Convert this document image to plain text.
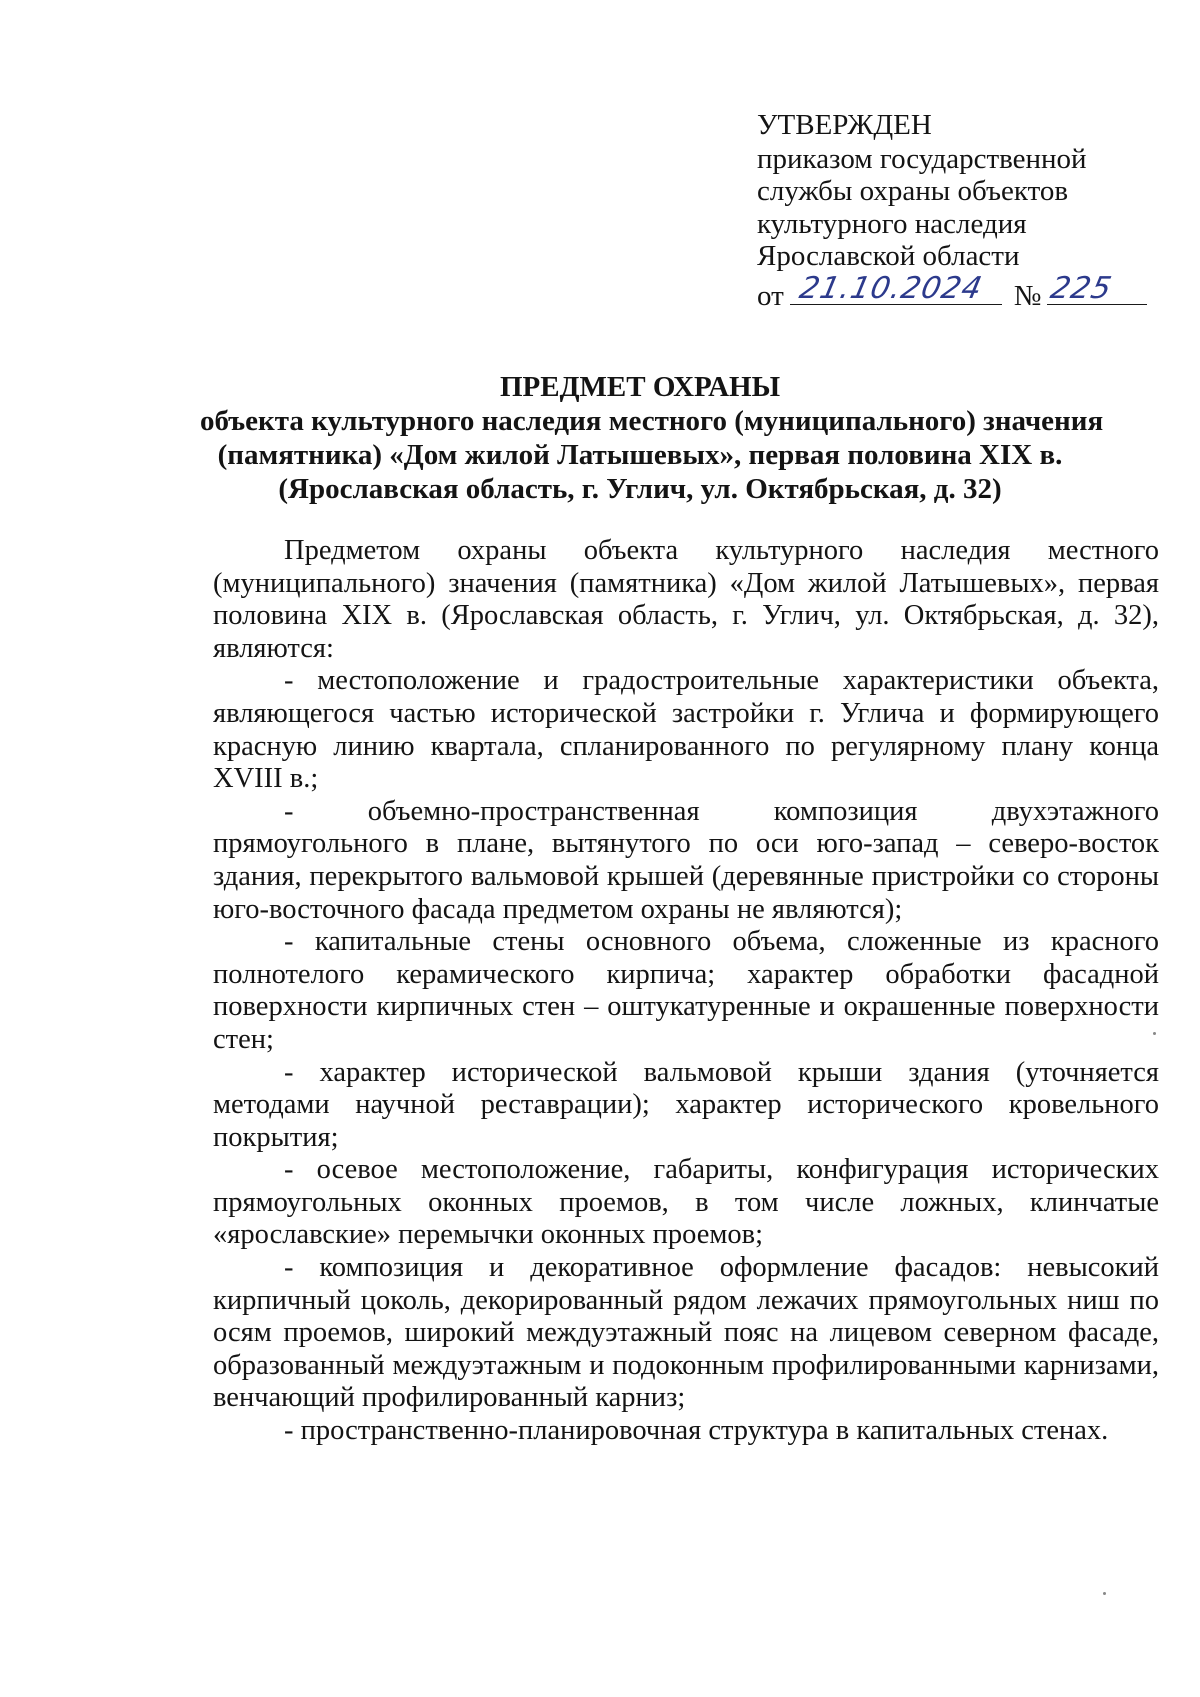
УТВЕРЖДЕН
приказом государственной
службы охраны объектов
культурного наследия
Ярославской области
от 21.10.2024 № 225
ПРЕДМЕТ ОХРАНЫ
объекта культурного наследия местного (муниципального) значения
(памятника) «Дом жилой Латышевых», первая половина XIX в.
(Ярославская область, г. Углич, ул. Октябрьская, д. 32)

Предметом охраны объекта культурного наследия местного (муниципального) значения (памятника) «Дом жилой Латышевых», первая половина XIX в. (Ярославская область, г. Углич, ул. Октябрьская, д. 32), являются:

- местоположение и градостроительные характеристики объекта, являющегося частью исторической застройки г. Углича и формирующего красную линию квартала, спланированного по регулярному плану конца XVIII в.;

- объемно-пространственная композиция двухэтажного прямоугольного в плане, вытянутого по оси юго-запад – северо-восток здания, перекрытого вальмовой крышей (деревянные пристройки со стороны юго-восточного фасада предметом охраны не являются);

- капитальные стены основного объема, сложенные из красного полнотелого керамического кирпича; характер обработки фасадной поверхности кирпичных стен – оштукатуренные и окрашенные поверхности стен;

- характер исторической вальмовой крыши здания (уточняется методами научной реставрации); характер исторического кровельного покрытия;

- осевое местоположение, габариты, конфигурация исторических прямоугольных оконных проемов, в том числе ложных, клинчатые «ярославские» перемычки оконных проемов;

- композиция и декоративное оформление фасадов: невысокий кирпичный цоколь, декорированный рядом лежачих прямоугольных ниш по осям проемов, широкий междуэтажный пояс на лицевом северном фасаде, образованный междуэтажным и подоконным профилированными карнизами, венчающий профилированный карниз;

- пространственно-планировочная структура в капитальных стенах.
